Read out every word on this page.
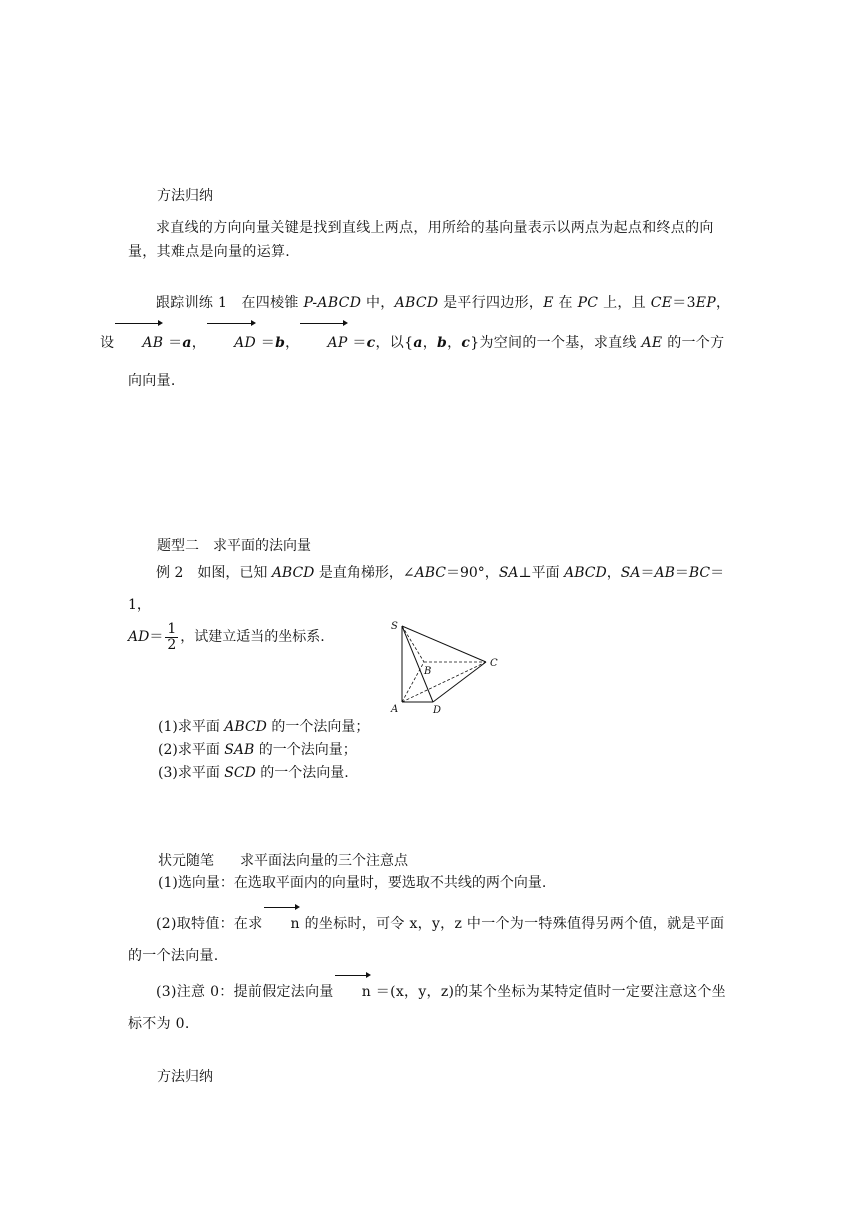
方法归纳
求直线的方向向量关键是找到直线上两点，用所给的基向量表示以两点为起点和终点的向量，其难点是向量的运算.
跟踪训练 1　 在四棱锥 P-ABCD 中，ABCD 是平行四边形，E 在 PC 上，且 CE＝3EP，
设 AB ＝a， AD ＝b， AP ＝c，以{a，b，c}为空间的一个基，求直线 AE 的一个方向向量.
题型二　求平面的法向量
例 2　如图，已知 ABCD 是直角梯形，∠ABC＝90°，SA⊥平面 ABCD，SA＝AB＝BC＝1，
$AD= \frac{1}{2}$ ，试建立适当的坐标系.
S
B
C
A	D
(1)求平面 ABCD 的一个法向量；
(2)求平面 SAB 的一个法向量；
(3)求平面 SCD 的一个法向量.
状元随笔 求平面法向量的三个注意点
(1)选向量：在选取平面内的向量时，要选取不共线的两个向量.
(2)取特值：在求 n 的坐标时，可令 x，y，z 中一个为一特殊值得另两个值，就是平面的一个法向量.
(3)注意 0：提前假定法向量 n ＝(x，y，z)的某个坐标为某特定值时一定要注意这个坐标不为 0.
方法归纳
